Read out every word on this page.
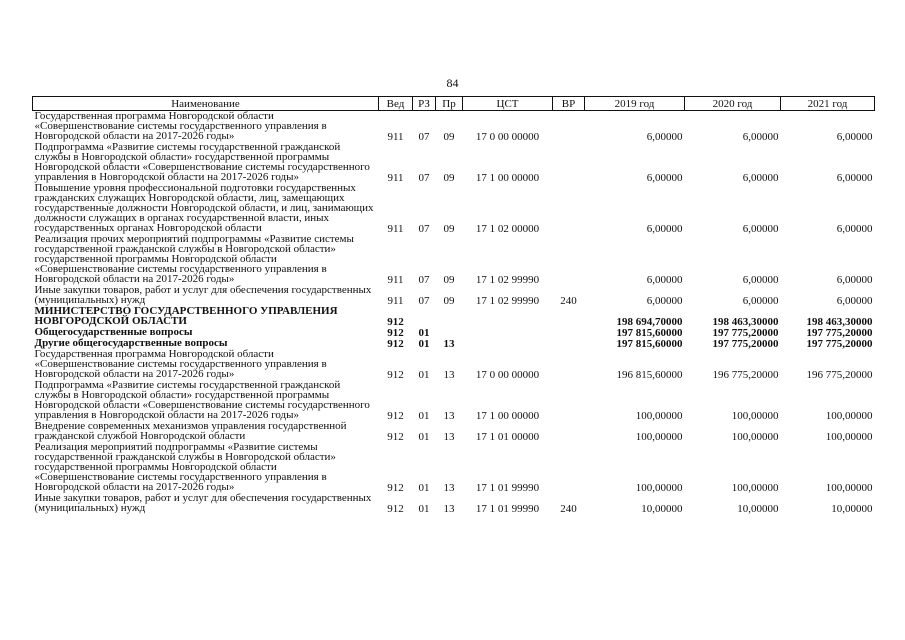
84
Наименование	Вед	РЗ	Пр	ЦСТ	ВР	2019 год	2020 год	2021 год
Государственная программа Новгородской области «Совершенствование системы государственного управления в Новгородской области на 2017-2026 годы»	911	07	09	17 0 00 00000		6,00000	6,00000	6,00000
Подпрограмма «Развитие системы государственной гражданской службы в Новгородской области» государственной программы Новгородской области «Совершенствование системы государственного управления в Новгородской области на 2017-2026 годы»	911	07	09	17 1 00 00000		6,00000	6,00000	6,00000
Повышение уровня профессиональной подготовки государственных гражданских служащих Новгородской области, лиц, замещающих государственные должности Новгородской области, и лиц, занимающих должности служащих в органах государственной власти, иных государственных органах Новгородской области	911	07	09	17 1 02 00000		6,00000	6,00000	6,00000
Реализация прочих мероприятий подпрограммы «Развитие системы государственной гражданской службы в Новгородской области» государственной программы Новгородской области «Совершенствование системы государственного управления в Новгородской области на 2017-2026 годы»	911	07	09	17 1 02 99990		6,00000	6,00000	6,00000
Иные закупки товаров, работ и услуг для обеспечения государственных (муниципальных) нужд	911	07	09	17 1 02 99990	240	6,00000	6,00000	6,00000
МИНИСТЕРСТВО ГОСУДАРСТВЕННОГО УПРАВЛЕНИЯ НОВГОРОДСКОЙ ОБЛАСТИ	912					198 694,70000	198 463,30000	198 463,30000
Общегосударственные вопросы	912	01				197 815,60000	197 775,20000	197 775,20000
Другие общегосударственные вопросы	912	01	13			197 815,60000	197 775,20000	197 775,20000
Государственная программа Новгородской области «Совершенствование системы государственного управления в Новгородской области на 2017-2026 годы»	912	01	13	17 0 00 00000		196 815,60000	196 775,20000	196 775,20000
Подпрограмма «Развитие системы государственной гражданской службы в Новгородской области» государственной программы Новгородской области «Совершенствование системы государственного управления в Новгородской области на 2017-2026 годы»	912	01	13	17 1 00 00000		100,00000	100,00000	100,00000
Внедрение современных механизмов управления государственной гражданской службой Новгородской области	912	01	13	17 1 01 00000		100,00000	100,00000	100,00000
Реализация мероприятий подпрограммы «Развитие системы государственной гражданской службы в Новгородской области» государственной программы Новгородской области «Совершенствование системы государственного управления в Новгородской области на 2017-2026 годы»	912	01	13	17 1 01 99990		100,00000	100,00000	100,00000
Иные закупки товаров, работ и услуг для обеспечения государственных (муниципальных) нужд	912	01	13	17 1 01 99990	240	10,00000	10,00000	10,00000
